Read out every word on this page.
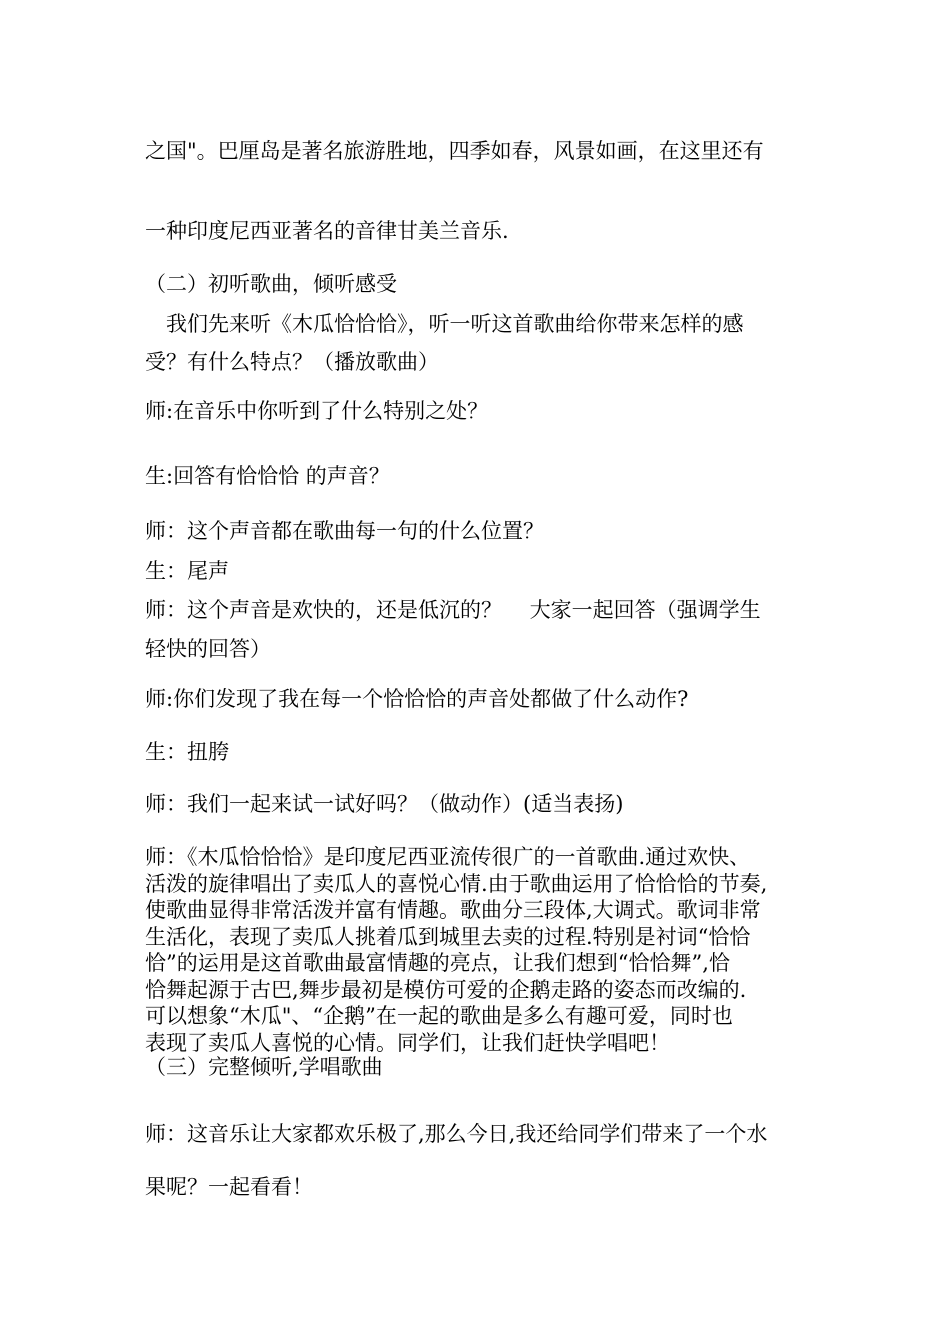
之国"。巴厘岛是著名旅游胜地，四季如春，风景如画，在这里还有

一种印度尼西亚著名的音律甘美兰音乐.

（二）初听歌曲，倾听感受

　我们先来听《木瓜恰恰恰》，听一听这首歌曲给你带来怎样的感

受？有什么特点？（播放歌曲）

师:在音乐中你听到了什么特别之处？

生:回答有恰恰恰 的声音？

师：这个声音都在歌曲每一句的什么位置？

生：尾声

师：这个声音是欢快的，还是低沉的？　 大家一起回答（强调学生

轻快的回答）

师:你们发现了我在每一个恰恰恰的声音处都做了什么动作?

生：扭胯

师：我们一起来试一试好吗？（做动作）(适当表扬)

师：《木瓜恰恰恰》是印度尼西亚流传很广的一首歌曲.通过欢快、
活泼的旋律唱出了卖瓜人的喜悦心情.由于歌曲运用了恰恰恰的节奏,
使歌曲显得非常活泼并富有情趣。歌曲分三段体,大调式。歌词非常
生活化，表现了卖瓜人挑着瓜到城里去卖的过程.特别是衬词“恰恰
恰”的运用是这首歌曲最富情趣的亮点，让我们想到“恰恰舞”,恰
恰舞起源于古巴,舞步最初是模仿可爱的企鹅走路的姿态而改编的.
可以想象“木瓜"、“企鹅”在一起的歌曲是多么有趣可爱，同时也
表现了卖瓜人喜悦的心情。同学们，让我们赶快学唱吧！

（三）完整倾听,学唱歌曲

师：这音乐让大家都欢乐极了,那么今日,我还给同学们带来了一个水

果呢？一起看看！
